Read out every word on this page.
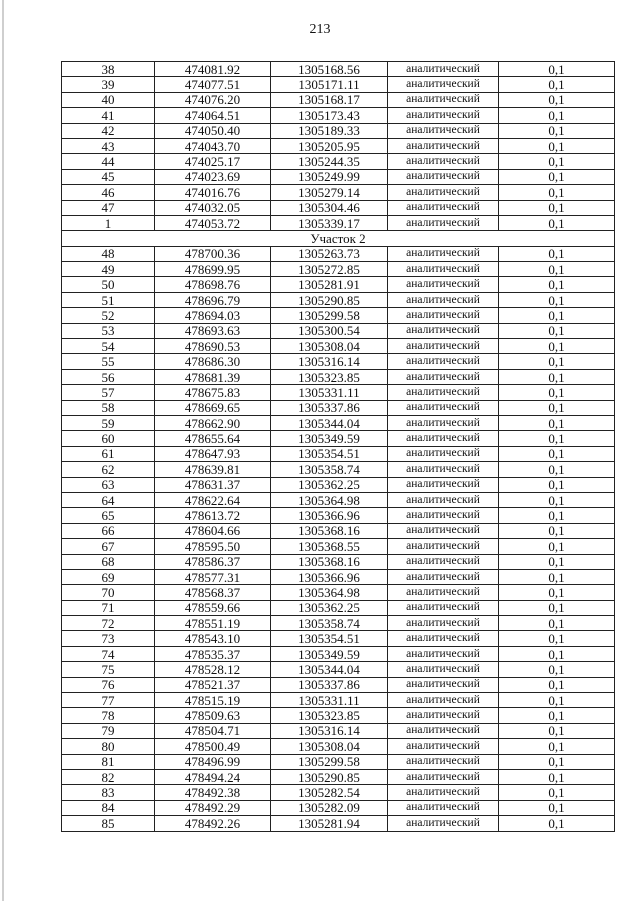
213
38	474081.92	1305168.56	аналитический	0,1
39	474077.51	1305171.11	аналитический	0,1
40	474076.20	1305168.17	аналитический	0,1
41	474064.51	1305173.43	аналитический	0,1
42	474050.40	1305189.33	аналитический	0,1
43	474043.70	1305205.95	аналитический	0,1
44	474025.17	1305244.35	аналитический	0,1
45	474023.69	1305249.99	аналитический	0,1
46	474016.76	1305279.14	аналитический	0,1
47	474032.05	1305304.46	аналитический	0,1
1	474053.72	1305339.17	аналитический	0,1
Участок 2				
48	478700.36	1305263.73	аналитический	0,1
49	478699.95	1305272.85	аналитический	0,1
50	478698.76	1305281.91	аналитический	0,1
51	478696.79	1305290.85	аналитический	0,1
52	478694.03	1305299.58	аналитический	0,1
53	478693.63	1305300.54	аналитический	0,1
54	478690.53	1305308.04	аналитический	0,1
55	478686.30	1305316.14	аналитический	0,1
56	478681.39	1305323.85	аналитический	0,1
57	478675.83	1305331.11	аналитический	0,1
58	478669.65	1305337.86	аналитический	0,1
59	478662.90	1305344.04	аналитический	0,1
60	478655.64	1305349.59	аналитический	0,1
61	478647.93	1305354.51	аналитический	0,1
62	478639.81	1305358.74	аналитический	0,1
63	478631.37	1305362.25	аналитический	0,1
64	478622.64	1305364.98	аналитический	0,1
65	478613.72	1305366.96	аналитический	0,1
66	478604.66	1305368.16	аналитический	0,1
67	478595.50	1305368.55	аналитический	0,1
68	478586.37	1305368.16	аналитический	0,1
69	478577.31	1305366.96	аналитический	0,1
70	478568.37	1305364.98	аналитический	0,1
71	478559.66	1305362.25	аналитический	0,1
72	478551.19	1305358.74	аналитический	0,1
73	478543.10	1305354.51	аналитический	0,1
74	478535.37	1305349.59	аналитический	0,1
75	478528.12	1305344.04	аналитический	0,1
76	478521.37	1305337.86	аналитический	0,1
77	478515.19	1305331.11	аналитический	0,1
78	478509.63	1305323.85	аналитический	0,1
79	478504.71	1305316.14	аналитический	0,1
80	478500.49	1305308.04	аналитический	0,1
81	478496.99	1305299.58	аналитический	0,1
82	478494.24	1305290.85	аналитический	0,1
83	478492.38	1305282.54	аналитический	0,1
84	478492.29	1305282.09	аналитический	0,1
85	478492.26	1305281.94	аналитический	0,1
